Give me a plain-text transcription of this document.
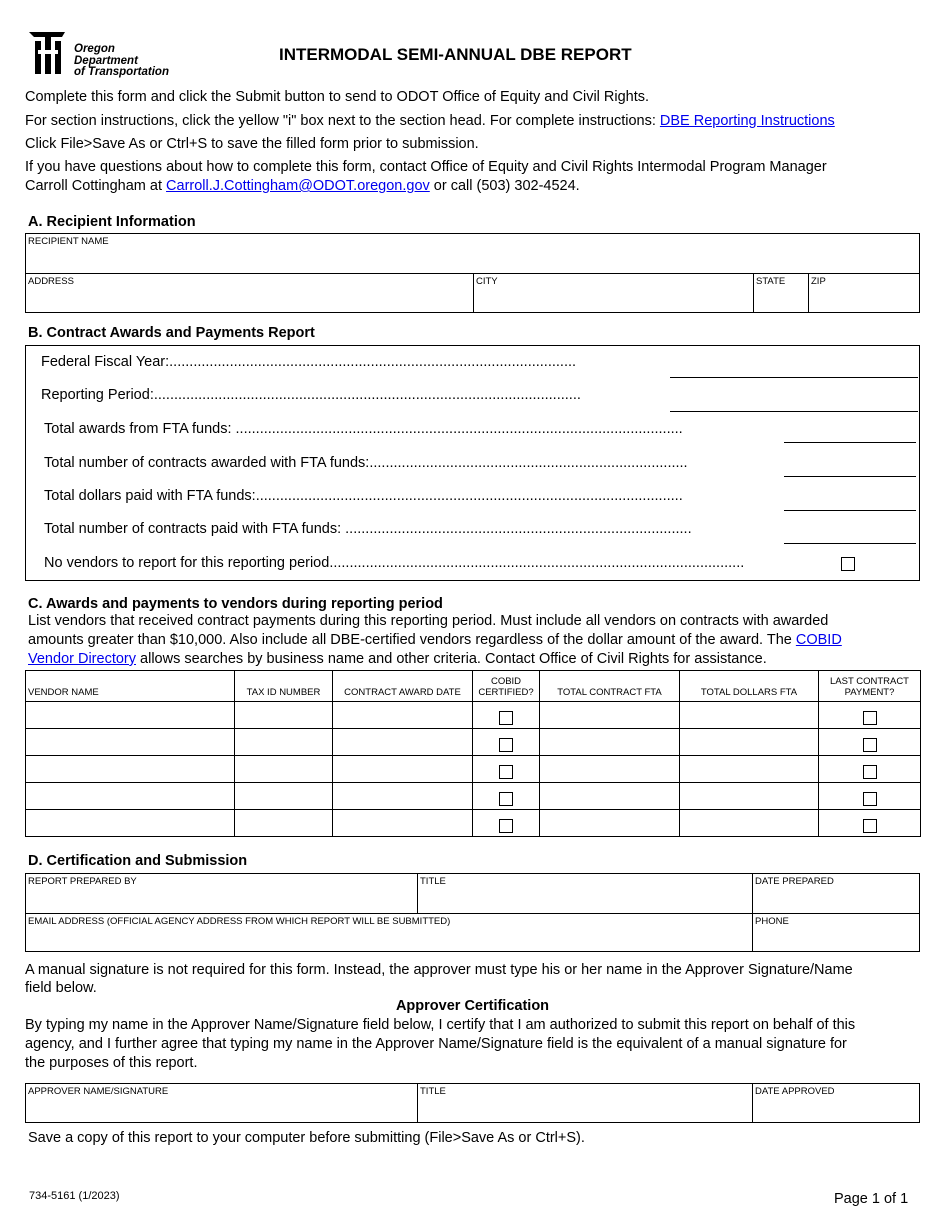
Oregon
Department
of Transportation
INTERMODAL SEMI-ANNUAL DBE REPORT
Complete this form and click the Submit button to send to ODOT Office of Equity and Civil Rights.
For section instructions, click the yellow "i" box next to the section head. For complete instructions: DBE Reporting Instructions
Click File>Save As or Ctrl+S to save the filled form prior to submission.
If you have questions about how to complete this form, contact Office of Equity and Civil Rights Intermodal Program Manager
Carroll Cottingham at Carroll.J.Cottingham@ODOT.oregon.gov or call (503) 302-4524.
A. Recipient Information
RECIPIENT NAME
ADDRESS	CITY	STATE	ZIP
B. Contract Awards and Payments Report
Federal Fiscal Year:.....................................................................................................
Reporting Period:..........................................................................................................
Total awards from FTA funds: ...............................................................................................................
Total number of contracts awarded with FTA funds:...............................................................................
Total dollars paid with FTA funds:..........................................................................................................
Total number of contracts paid with FTA funds: ......................................................................................
No vendors to report for this reporting period.......................................................................................................
C. Awards and payments to vendors during reporting period
List vendors that received contract payments during this reporting period. Must include all vendors on contracts with awarded
amounts greater than $10,000. Also include all DBE-certified vendors regardless of the dollar amount of the award. The COBID
Vendor Directory allows searches by business name and other criteria. Contact Office of Civil Rights for assistance.
VENDOR NAME	TAX ID NUMBER	CONTRACT AWARD DATE	COBID CERTIFIED?	TOTAL CONTRACT FTA	TOTAL DOLLARS FTA	LAST CONTRACT PAYMENT?

D. Certification and Submission
REPORT PREPARED BY	TITLE	DATE PREPARED
EMAIL ADDRESS (OFFICIAL AGENCY ADDRESS FROM WHICH REPORT WILL BE SUBMITTED)	PHONE
A manual signature is not required for this form. Instead, the approver must type his or her name in the Approver Signature/Name
field below.
Approver Certification
By typing my name in the Approver Name/Signature field below, I certify that I am authorized to submit this report on behalf of this
agency, and I further agree that typing my name in the Approver Name/Signature field is the equivalent of a manual signature for
the purposes of this report.
APPROVER NAME/SIGNATURE	TITLE	DATE APPROVED
Save a copy of this report to your computer before submitting (File>Save As or Ctrl+S).
734-5161 (1/2023)	Page 1 of 1
